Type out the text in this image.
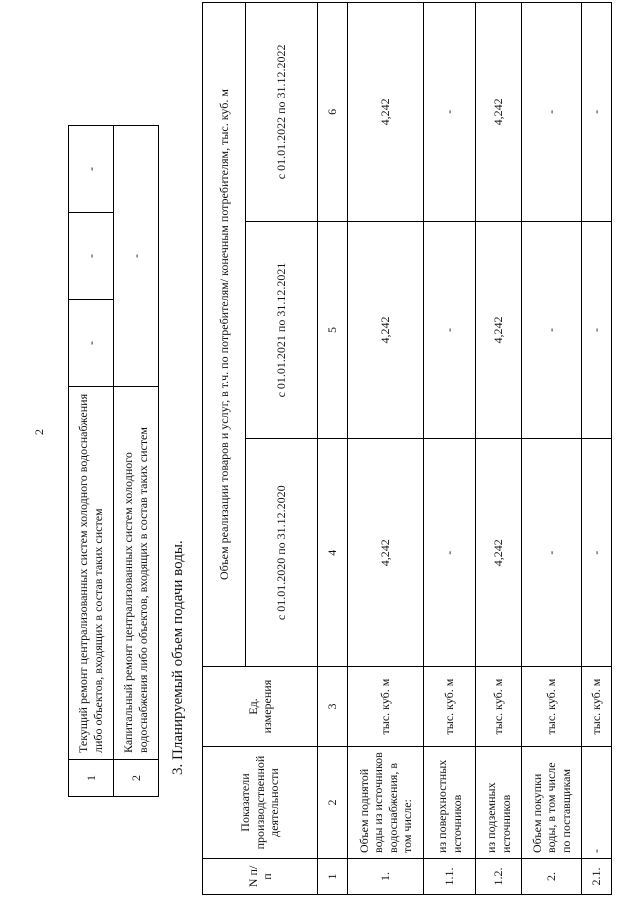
2
1	Текущий ремонт централизованных систем холодного водоснабжения либо объектов, входящих в состав таких систем	-	-	-
2	Капитальный ремонт централизованных систем холодного водоснабжения либо объектов, входящих в состав таких систем	-		
3. Планируемый объем подачи воды.
N п/п	Показатели производственной деятельности	Ед. измерения	Объем реализации товаров и услуг, в т.ч. по потребителям/ конечным потребителям, тыс. куб. м		
			с 01.01.2020 по 31.12.2020	с 01.01.2021 по 31.12.2021	с 01.01.2022 по 31.12.2022
1	2	3	4	5	6
1.	Объем поднятой воды из источников водоснабжения, в том числе:	тыс. куб. м	4,242	4,242	4,242
1.1.	из поверхностных источников	тыс. куб. м	-	-	-
1.2.	из подземных источников	тыс. куб. м	4,242	4,242	4,242
2.	Объем покупки воды, в том числе по поставщикам	тыс. куб. м	-	-	-
2.1.	-	тыс. куб. м	-	-	-
